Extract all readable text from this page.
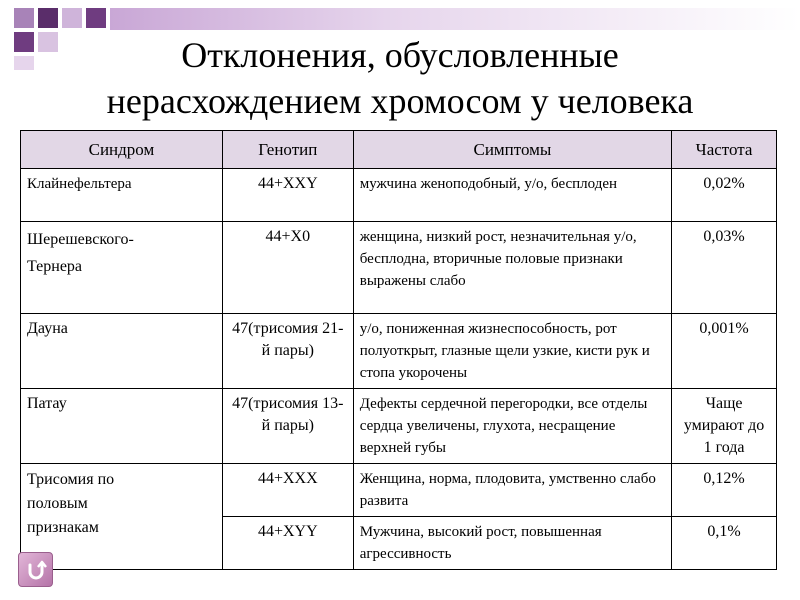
Отклонения, обусловленные
нерасхождением хромосом у человека
Синдром	Генотип	Симптомы	Частота
Клайнефельтера	44+XXY	мужчина женоподобный, у/о, бесплоден	0,02%

Шерешевского-Тернера	44+X0	женщина, низкий рост, незначительная у/о, бесплодна, вторичные половые признаки выражены слабо	0,03%
Дауна	47(трисомия 21-й пары)	у/о, пониженная жизнеспособность, рот полуоткрыт, глазные щели узкие, кисти рук и стопа укорочены	0,001%
Патау	47(трисомия 13-й пары)	Дефекты сердечной перегородки, все отделы сердца увеличены, глухота, несращение верхней губы	Чаще умирают до 1 года

Трисомия по половым признакам	44+XXX	Женщина, норма, плодовита, умственно слабо развита	0,12%
	44+XYY	Мужчина, высокий рост, повышенная агрессивность	0,1%
